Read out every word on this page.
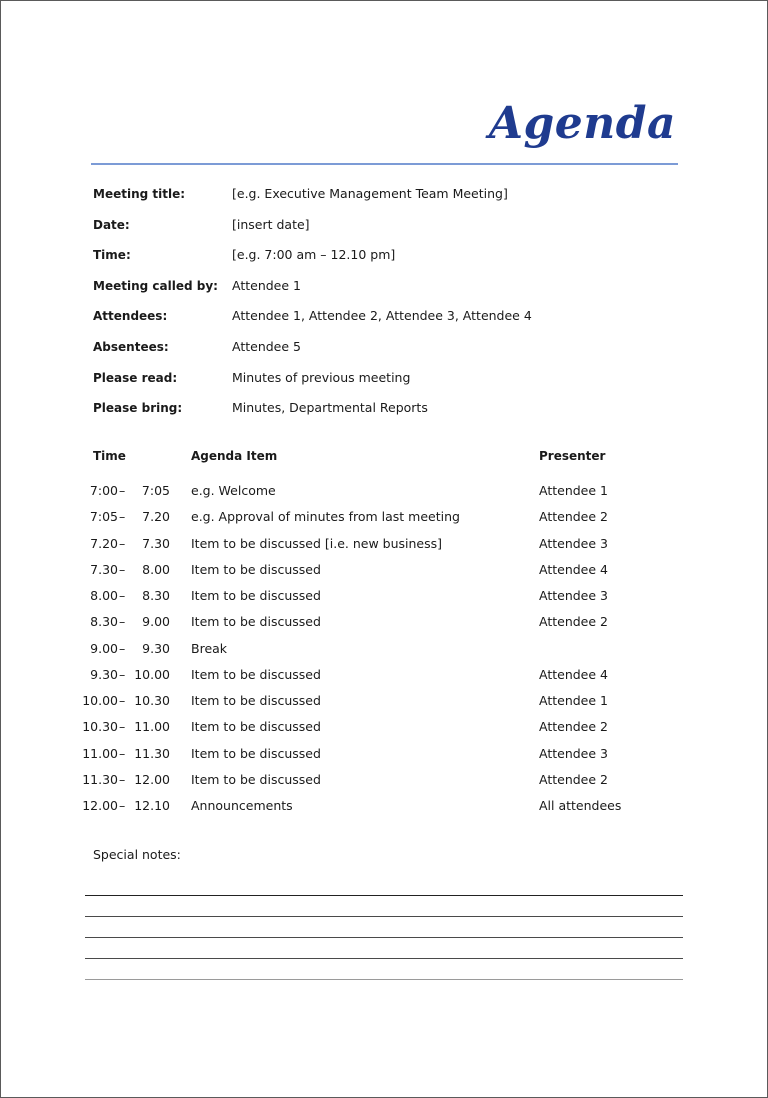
Agenda
Meeting title:	[e.g. Executive Management Team Meeting]
Date:	[insert date]
Time:	[e.g. 7:00 am – 12.10 pm]
Meeting called by: Attendee 1
Attendees:	Attendee 1, Attendee 2, Attendee 3, Attendee 4
Absentees:	Attendee 5
Please read:	Minutes of previous meeting
Please bring:	Minutes, Departmental Reports
Time	Agenda Item	Presenter
7:00 – 7:05 e.g. Welcome	Attendee 1
7:05 – 7.20 e.g. Approval of minutes from last meeting	Attendee 2
7.20 – 7.30 Item to be discussed [i.e. new business]	Attendee 3
7.30 – 8.00 Item to be discussed	Attendee 4
8.00 – 8.30 Item to be discussed	Attendee 3
8.30 – 9.00 Item to be discussed	Attendee 2
9.00 – 9.30 Break
9.30 – 10.00 Item to be discussed	Attendee 4
10.00 – 10.30 Item to be discussed	Attendee 1
10.30 – 11.00 Item to be discussed	Attendee 2
11.00 – 11.30 Item to be discussed	Attendee 3
11.30 – 12.00 Item to be discussed	Attendee 2
12.00 – 12.10 Announcements	All attendees
Special notes:
